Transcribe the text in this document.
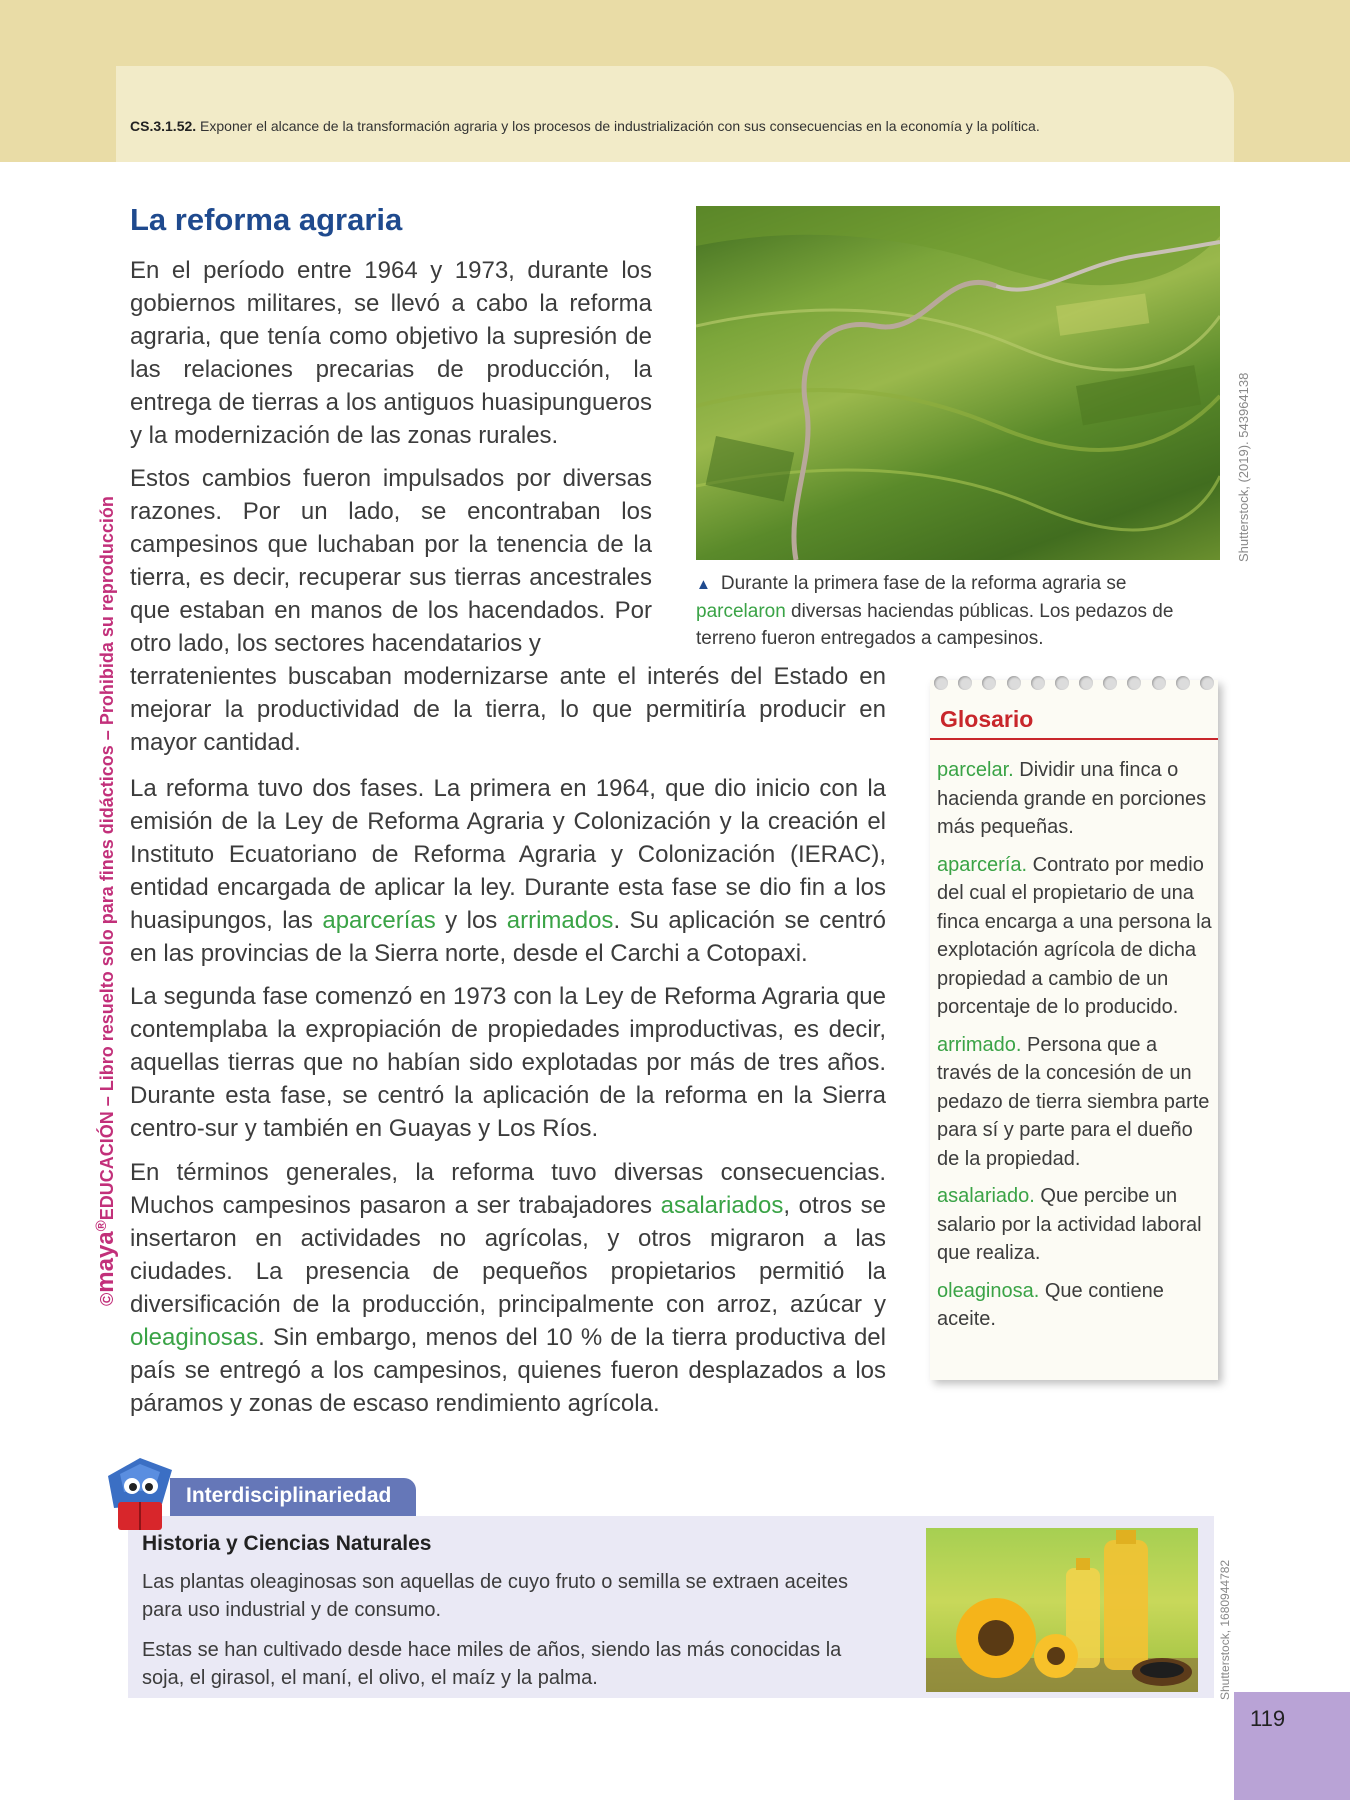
CS.3.1.52. Exponer el alcance de la transformación agraria y los procesos de industrialización con sus consecuencias en la economía y la política.

©maya®EDUCACIÓN – Libro resuelto solo para fines didácticos – Prohibida su reproducción
La reforma agraria

En el período entre 1964 y 1973, durante los gobiernos militares, se llevó a cabo la reforma agraria, que tenía como objetivo la supresión de las relaciones precarias de producción, la entrega de tierras a los antiguos huasipungueros y la modernización de las zonas rurales.

Estos cambios fueron impulsados por diversas razones. Por un lado, se encontraban los campesinos que luchaban por la tenencia de la tierra, es decir, recuperar sus tierras ancestrales que estaban en manos de los hacendados. Por otro lado, los sectores hacendatarios y

terratenientes buscaban modernizarse ante el interés del Estado en mejorar la productividad de la tierra, lo que permitiría producir en mayor cantidad.

La reforma tuvo dos fases. La primera en 1964, que dio inicio con la emisión de la Ley de Reforma Agraria y Colonización y la creación el Instituto Ecuatoriano de Reforma Agraria y Colonización (IERAC), entidad encargada de aplicar la ley. Durante esta fase se dio fin a los huasipungos, las aparcerías y los arrimados. Su aplicación se centró en las provincias de la Sierra norte, desde el Carchi a Cotopaxi.

La segunda fase comenzó en 1973 con la Ley de Reforma Agraria que contemplaba la expropiación de propiedades improductivas, es decir, aquellas tierras que no habían sido explotadas por más de tres años. Durante esta fase, se centró la aplicación de la reforma en la Sierra centro-sur y también en Guayas y Los Ríos.

En términos generales, la reforma tuvo diversas consecuencias. Muchos campesinos pasaron a ser trabajadores asalariados, otros se insertaron en actividades no agrícolas, y otros migraron a las ciudades. La presencia de pequeños propietarios permitió la diversificación de la producción, principalmente con arroz, azúcar y oleaginosas. Sin embargo, menos del 10 % de la tierra productiva del país se entregó a los campesinos, quienes fueron desplazados a los páramos y zonas de escaso rendimiento agrícola.

Shutterstock, (2019). 543964138

▲ Durante la primera fase de la reforma agraria se
parcelaron diversas haciendas públicas. Los pedazos de terreno fueron entregados a campesinos.

Glosario

parcelar. Dividir una finca o hacienda grande en porciones más pequeñas.

aparcería. Contrato por medio del cual el propietario de una finca encarga a una persona la explotación agrícola de dicha propiedad a cambio de un porcentaje de lo producido.

arrimado. Persona que a través de la concesión de un pedazo de tierra siembra parte para sí y parte para el dueño de la propiedad.

asalariado. Que percibe un salario por la actividad laboral que realiza.

oleaginosa. Que contiene aceite.

Interdisciplinariedad

Historia y Ciencias Naturales

Las plantas oleaginosas son aquellas de cuyo fruto o semilla se extraen aceites para uso industrial y de consumo.

Estas se han cultivado desde hace miles de años, siendo las más conocidas la soja, el girasol, el maní, el olivo, el maíz y la palma.	Shutterstock, 1680944782

119
